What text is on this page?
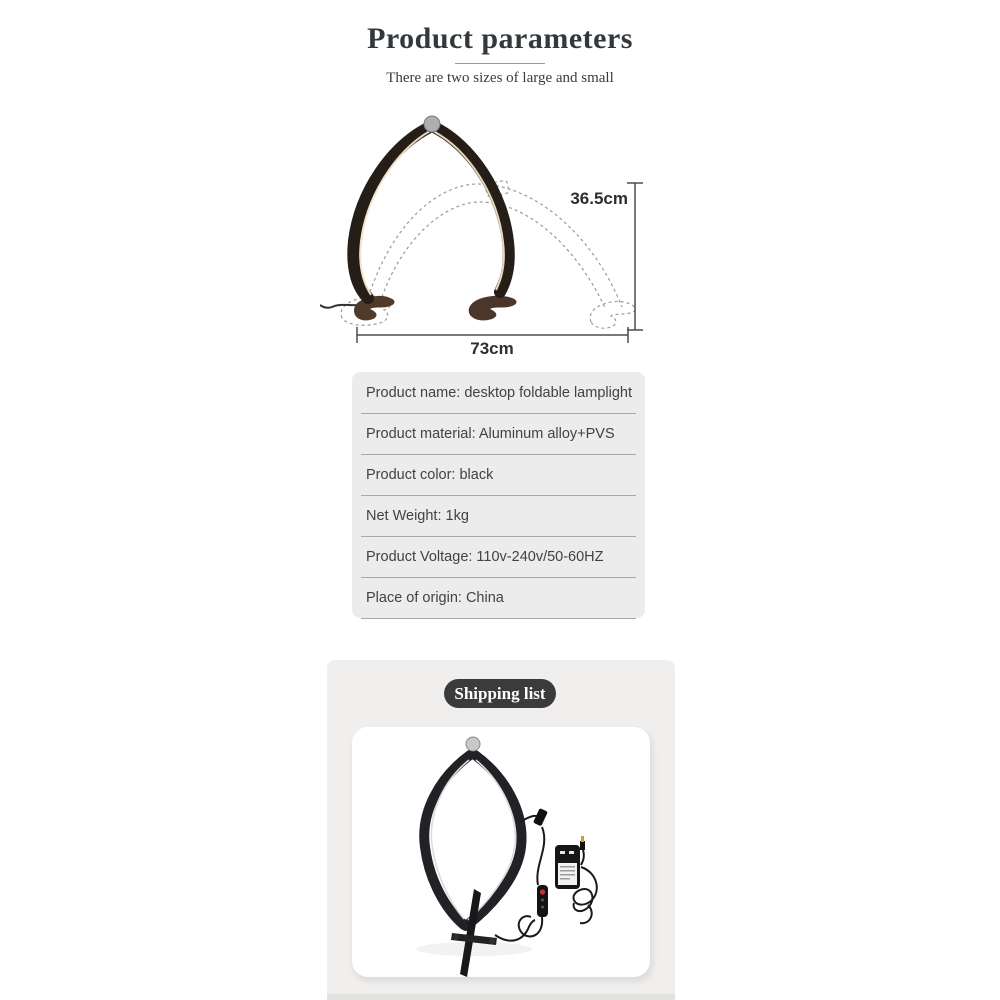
Product parameters
There are two sizes of large and small
36.5cm
73cm
Product name: desktop foldable lamplight
Product material: Aluminum alloy+PVS
Product color: black
Net Weight: 1kg
Product Voltage: 110v-240v/50-60HZ
Place of origin: China
Shipping list
